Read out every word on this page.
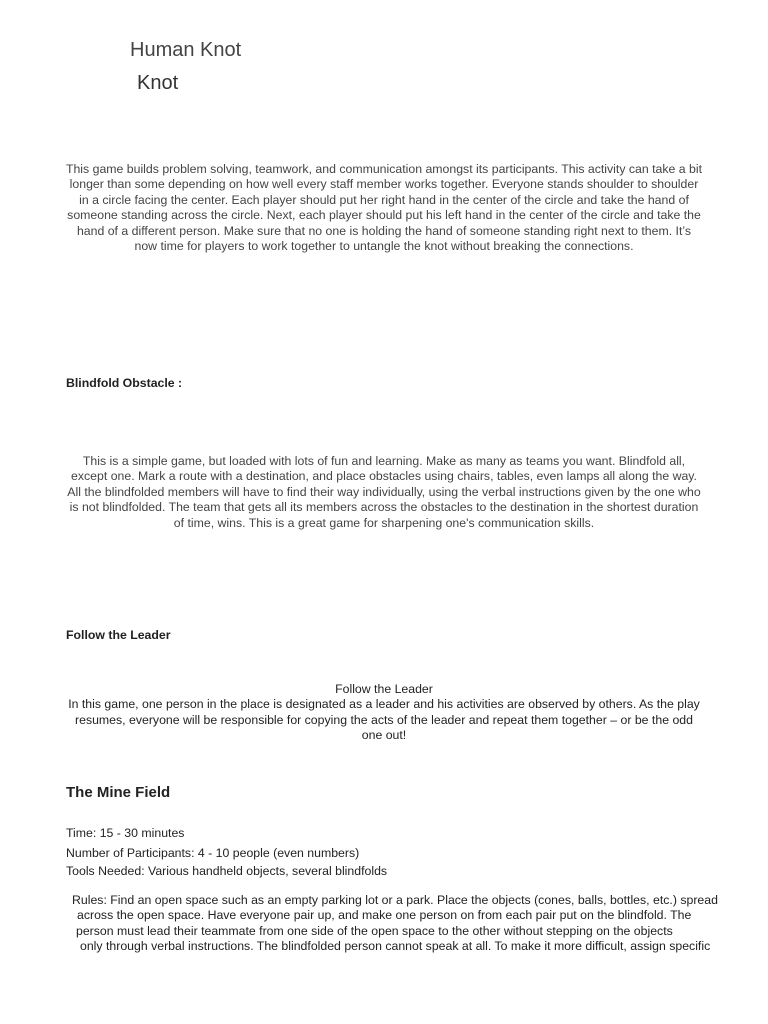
Human Knot
Knot
This game builds problem solving, teamwork, and communication amongst its participants. This activity can take a bit longer than some depending on how well every staff member works together. Everyone stands shoulder to shoulder in a circle facing the center. Each player should put her right hand in the center of the circle and take the hand of someone standing across the circle. Next, each player should put his left hand in the center of the circle and take the hand of a different person. Make sure that no one is holding the hand of someone standing right next to them. It’s now time for players to work together to untangle the knot without breaking the connections.
Blindfold Obstacle :
This is a simple game, but loaded with lots of fun and learning. Make as many as teams you want. Blindfold all, except one. Mark a route with a destination, and place obstacles using chairs, tables, even lamps all along the way. All the blindfolded members will have to find their way individually, using the verbal instructions given by the one who is not blindfolded. The team that gets all its members across the obstacles to the destination in the shortest duration of time, wins. This is a great game for sharpening one's communication skills.
Follow the Leader
Follow the Leader
In this game, one person in the place is designated as a leader and his activities are observed by others. As the play resumes, everyone will be responsible for copying the acts of the leader and repeat them together – or be the odd one out!
The Mine Field
Time: 15 - 30 minutes
Number of Participants: 4 - 10 people (even numbers)
Tools Needed: Various handheld objects, several blindfolds
Rules: Find an open space such as an empty parking lot or a park. Place the objects (cones, balls, bottles, etc.) spread
across the open space. Have everyone pair up, and make one person on from each pair put on the blindfold. The
person must lead their teammate from one side of the open space to the other without stepping on the objects
only through verbal instructions. The blindfolded person cannot speak at all. To make it more difficult, assign specific
